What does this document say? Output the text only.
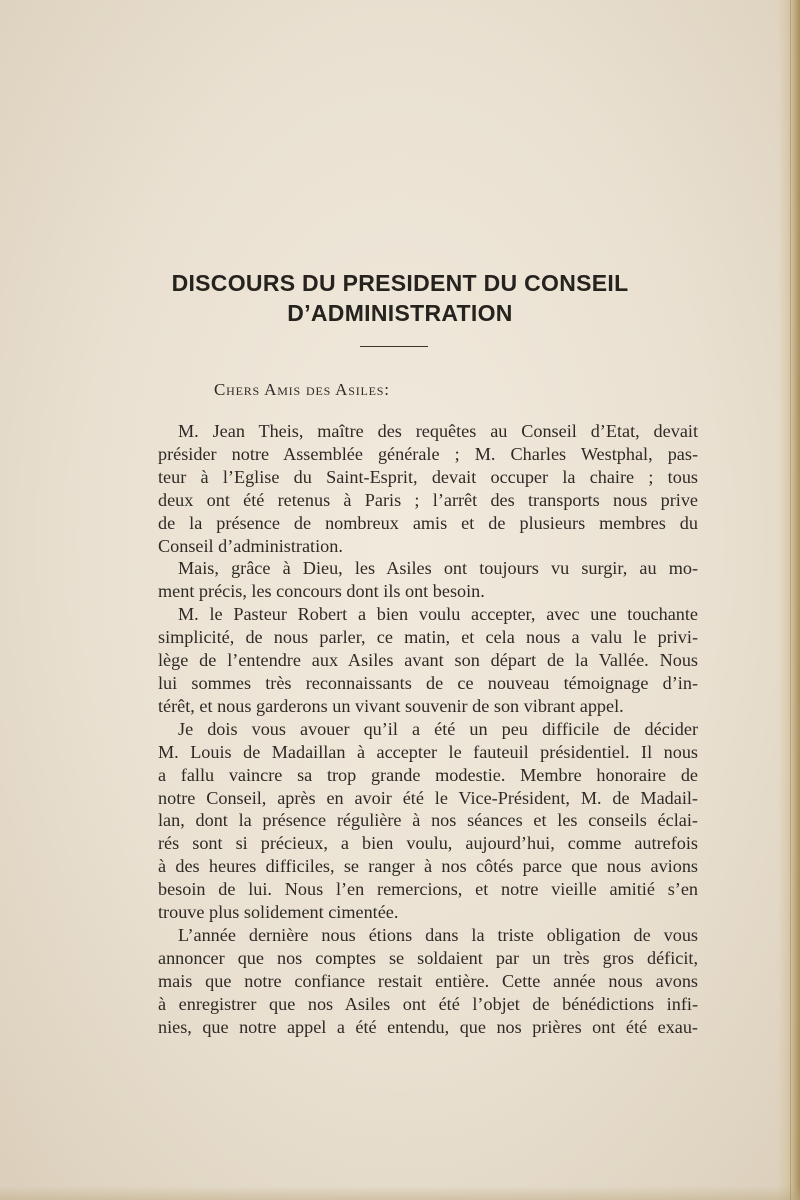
DISCOURS DU PRESIDENT DU CONSEIL
D’ADMINISTRATION
Chers Amis des Asiles:

M. Jean Theis, maître des requêtes au Conseil d’Etat, devait
présider notre Assemblée générale ; M. Charles Westphal, pas-
teur à l’Eglise du Saint-Esprit, devait occuper la chaire ; tous
deux ont été retenus à Paris ; l’arrêt des transports nous prive
de la présence de nombreux amis et de plusieurs membres du
Conseil d’administration.

Mais, grâce à Dieu, les Asiles ont toujours vu surgir, au mo-
ment précis, les concours dont ils ont besoin.

M. le Pasteur Robert a bien voulu accepter, avec une touchante
simplicité, de nous parler, ce matin, et cela nous a valu le privi-
lège de l’entendre aux Asiles avant son départ de la Vallée. Nous
lui sommes très reconnaissants de ce nouveau témoignage d’in-
térêt, et nous garderons un vivant souvenir de son vibrant appel.

Je dois vous avouer qu’il a été un peu difficile de décider
M. Louis de Madaillan à accepter le fauteuil présidentiel. Il nous
a fallu vaincre sa trop grande modestie. Membre honoraire de
notre Conseil, après en avoir été le Vice-Président, M. de Madail-
lan, dont la présence régulière à nos séances et les conseils éclai-
rés sont si précieux, a bien voulu, aujourd’hui, comme autrefois
à des heures difficiles, se ranger à nos côtés parce que nous avions
besoin de lui. Nous l’en remercions, et notre vieille amitié s’en
trouve plus solidement cimentée.

L’année dernière nous étions dans la triste obligation de vous
annoncer que nos comptes se soldaient par un très gros déficit,
mais que notre confiance restait entière. Cette année nous avons
à enregistrer que nos Asiles ont été l’objet de bénédictions infi-
nies, que notre appel a été entendu, que nos prières ont été exau-
